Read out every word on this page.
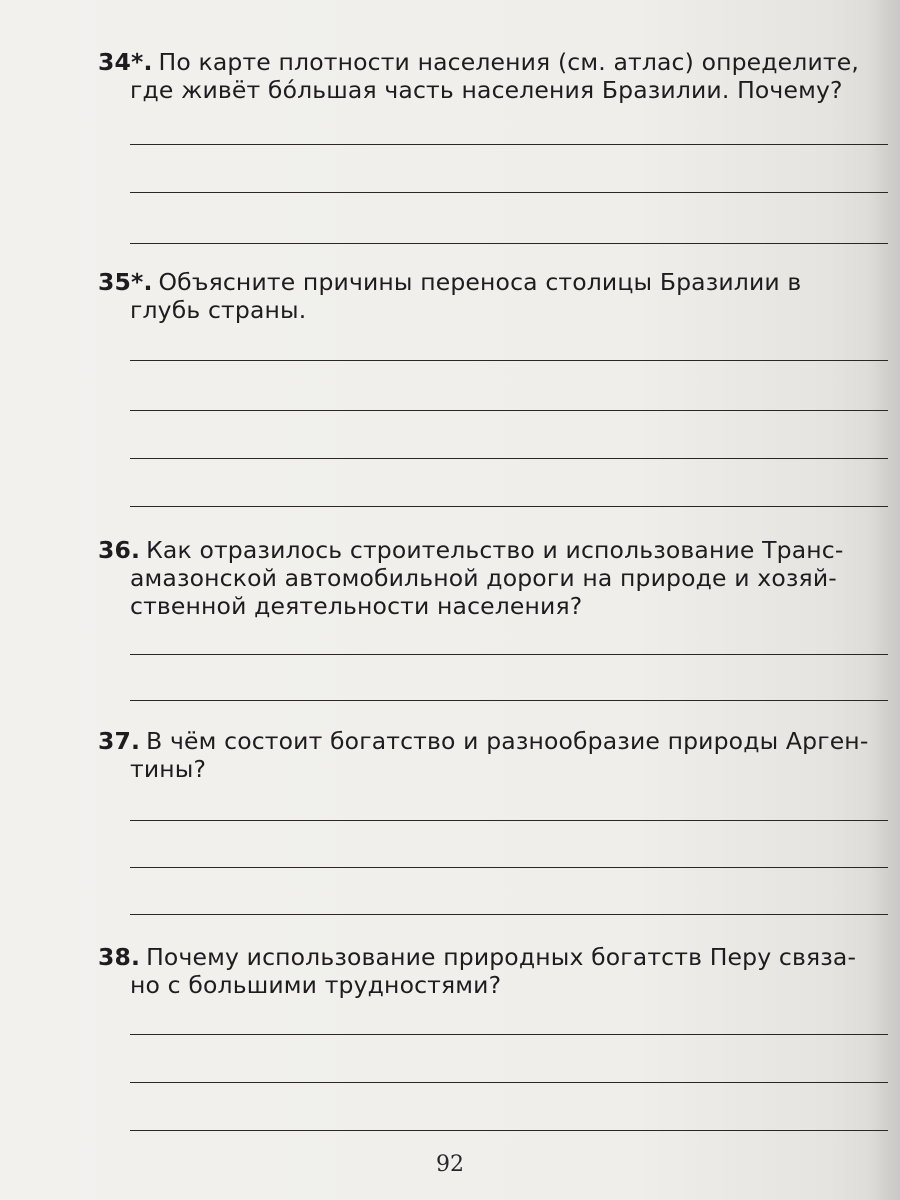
34*. По карте плотности населения (см. атлас) определите,
где живёт бо́льшая часть населения Бразилии. Почему?

35*. Объясните причины переноса столицы Бразилии в
глубь страны.

36. Как отразилось строительство и использование Транс-
амазонской автомобильной дороги на природе и хозяй-
ственной деятельности населения?

37. В чём состоит богатство и разнообразие природы Арген-
тины?

38. Почему использование природных богатств Перу связа-
но с большими трудностями?

92
